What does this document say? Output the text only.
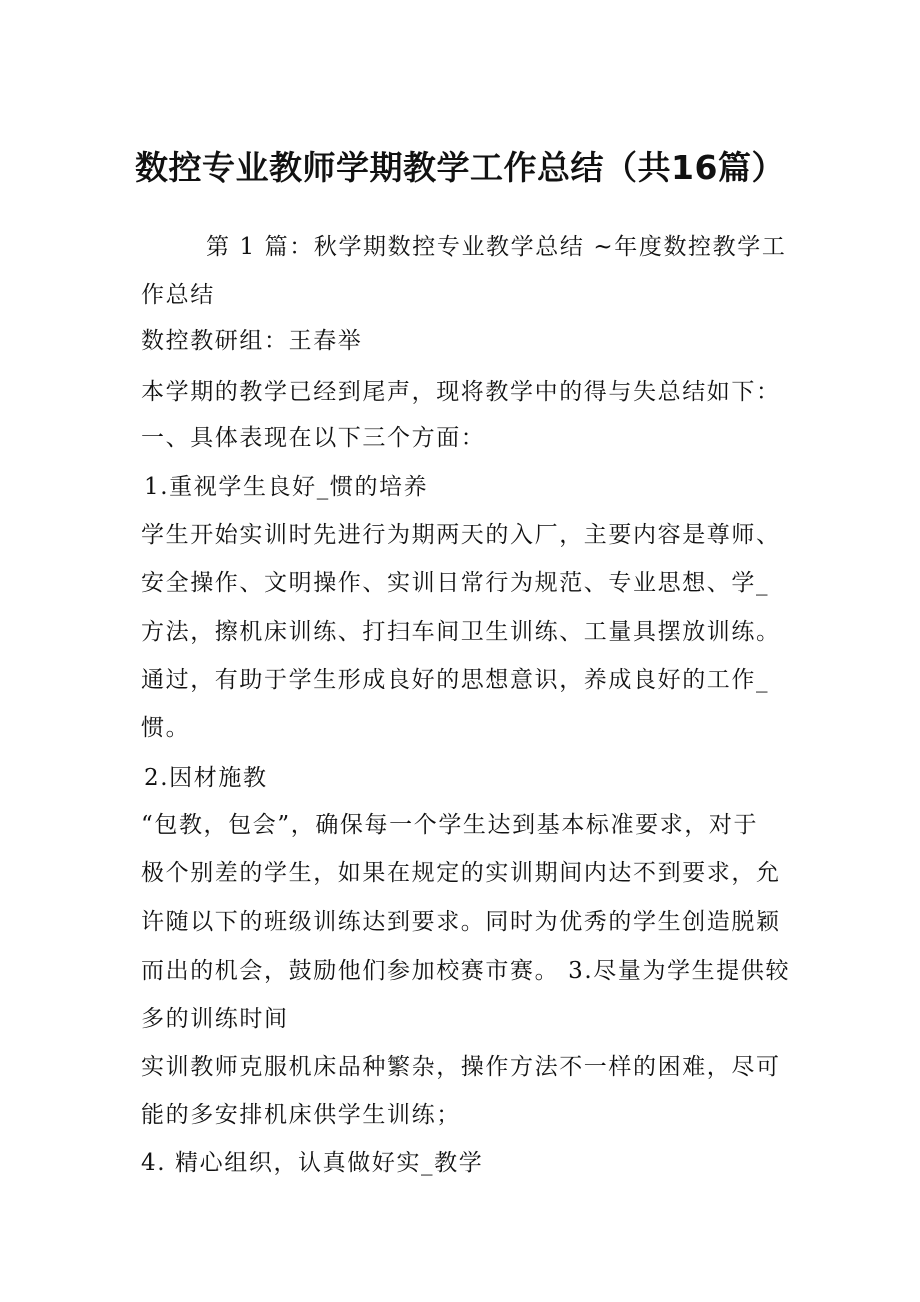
数控专业教师学期教学工作总结（共16篇）
第 1 篇：秋学期数控专业教学总结 ~年度数控教学工
作总结
数控教研组：王春举
本学期的教学已经到尾声，现将教学中的得与失总结如下：
一、具体表现在以下三个方面：
1.重视学生良好_惯的培养
学生开始实训时先进行为期两天的入厂，主要内容是尊师、
安全操作、文明操作、实训日常行为规范、专业思想、学_
方法，擦机床训练、打扫车间卫生训练、工量具摆放训练。
通过，有助于学生形成良好的思想意识，养成良好的工作_
惯。
2.因材施教
“包教，包会”，确保每一个学生达到基本标准要求，对于
极个别差的学生，如果在规定的实训期间内达不到要求，允
许随以下的班级训练达到要求。同时为优秀的学生创造脱颖
而出的机会，鼓励他们参加校赛市赛。 3.尽量为学生提供较
多的训练时间
实训教师克服机床品种繁杂，操作方法不一样的困难，尽可
能的多安排机床供学生训练；
4. 精心组织，认真做好实_教学
